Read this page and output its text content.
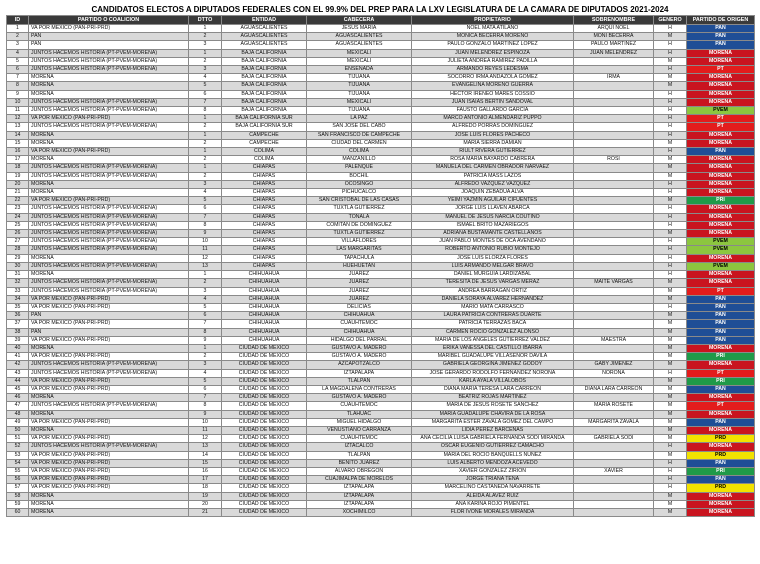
CANDIDATOS ELECTOS A DIPUTADOS FEDERALES CON EL 99.9% DEL PREP PARA LA LXV LEGISLATURA DE LA CAMARA DE DIPUTADOS 2021-2024
ID	PARTIDO O COALICION	DTTO	ENTIDAD	CABECERA	PROPIETARIO	SOBRENOMBRE	GENERO	PARTIDO DE ORIGEN
1	VA POR MEXICO (PAN-PRI-PRD)	1	AGUASCALIENTES	JESUS MARIA	NOEL MATA ATILANO	ARQUI NOEL	H	PAN
2	PAN	2	AGUASCALIENTES	AGUASCALIENTES	MONICA BECERRA MORENO	MONI BECERRA	M	PAN
3	PAN	3	AGUASCALIENTES	AGUASCALIENTES	PAULO GONZALO MARTINEZ LOPEZ	PAULO MARTINEZ	H	PAN
4	JUNTOS HACEMOS HISTORIA (PT-PVEM-MORENA)	1	BAJA CALIFORNIA	MEXICALI	JUAN MELENDREZ ESPINOZA	JUAN MELENDREZ	H	MORENA
5	JUNTOS HACEMOS HISTORIA (PT-PVEM-MORENA)	2	BAJA CALIFORNIA	MEXICALI	JULIETA ANDREA RAMIREZ PADILLA		M	MORENA
6	JUNTOS HACEMOS HISTORIA (PT-PVEM-MORENA)	3	BAJA CALIFORNIA	ENSENADA	ARMANDO REYES LEDESMA		H	PT
7	MORENA	4	BAJA CALIFORNIA	TIJUANA	SOCORRO IRMA ANDAZOLA GOMEZ	IRMA	M	MORENA
8	MORENA	5	BAJA CALIFORNIA	TIJUANA	EVANGELINA MORENO GUERRA		M	MORENA
9	MORENA	6	BAJA CALIFORNIA	TIJUANA	HECTOR IRENEO MARES COSSIO		H	MORENA
10	JUNTOS HACEMOS HISTORIA (PT-PVEM-MORENA)	7	BAJA CALIFORNIA	MEXICALI	JUAN ISAIAS BERTIN SANDOVAL		H	MORENA
11	JUNTOS HACEMOS HISTORIA (PT-PVEM-MORENA)	8	BAJA CALIFORNIA	TIJUANA	FAUSTO GALLARDO GARCIA		H	PVEM
12	VA POR MEXICO (PAN-PRI-PRD)	1	BAJA CALIFORNIA SUR	LA PAZ	MARCO ANTONIO ALMENDARIZ PUPPO		H	PT
13	JUNTOS HACEMOS HISTORIA (PT-PVEM-MORENA)	2	BAJA CALIFORNIA SUR	SAN JOSE DEL CABO	ALFREDO PORRAS DOMINGUEZ		H	PT
14	MORENA	1	CAMPECHE	SAN FRANCISCO DE CAMPECHE	JOSE LUIS FLORES PACHECO		H	MORENA
15	MORENA	2	CAMPECHE	CIUDAD DEL CARMEN	MARIA SIERRA DAMIAN		M	MORENA
16	VA POR MEXICO (PAN-PRI-PRD)	1	COLIMA	COLIMA	RIULT RIVERA GUTIERREZ		H	PAN
17	MORENA	2	COLIMA	MANZANILLO	ROSA MARIA BAYARDO CABRERA	ROSI	M	MORENA
18	JUNTOS HACEMOS HISTORIA (PT-PVEM-MORENA)	1	CHIAPAS	PALENQUE	MANUELA DEL CARMEN OBRADOR NARVAEZ		M	MORENA
19	JUNTOS HACEMOS HISTORIA (PT-PVEM-MORENA)	2	CHIAPAS	BOCHIL	PATRICIA MASS LAZOS		M	MORENA
20	MORENA	3	CHIAPAS	OCOSINGO	ALFREDO VAZQUEZ VAZQUEZ		H	MORENA
21	MORENA	4	CHIAPAS	PICHUCALCO	JOAQUIN ZEBADUA ALVA		H	MORENA
22	VA POR MEXICO (PAN-PRI-PRD)	5	CHIAPAS	SAN CRISTOBAL DE LAS CASAS	YEIMI YAZMIN AGUILAR CIFUENTES		M	PRI
23	JUNTOS HACEMOS HISTORIA (PT-PVEM-MORENA)	6	CHIAPAS	TUXTLA GUTIERREZ	JORGE LUIS LLAVEN ABARCA		H	MORENA
24	JUNTOS HACEMOS HISTORIA (PT-PVEM-MORENA)	7	CHIAPAS	TONALA	MANUEL DE JESUS NARCIA COUTIÑO		H	MORENA
25	JUNTOS HACEMOS HISTORIA (PT-PVEM-MORENA)	8	CHIAPAS	COMITAN DE DOMINGUEZ	ISMAEL BRITO MAZARIEGOS		H	MORENA
26	JUNTOS HACEMOS HISTORIA (PT-PVEM-MORENA)	9	CHIAPAS	TUXTLA GUTIERREZ	ADRIANA BUSTAMANTE CASTELLANOS		M	MORENA
27	JUNTOS HACEMOS HISTORIA (PT-PVEM-MORENA)	10	CHIAPAS	VILLAFLORES	JUAN PABLO MONTES DE OCA AVENDAÑO		H	PVEM
28	JUNTOS HACEMOS HISTORIA (PT-PVEM-MORENA)	11	CHIAPAS	LAS MARGARITAS	ROBERTO ANTONIO RUBIO MONTEJO		H	PVEM
29	MORENA	12	CHIAPAS	TAPACHULA	JOSE LUIS ELORZA FLORES		H	MORENA
30	JUNTOS HACEMOS HISTORIA (PT-PVEM-MORENA)	13	CHIAPAS	HUEHUETAN	LUIS ARMANDO MELGAR BRAVO		H	PVEM
31	MORENA	1	CHIHUAHUA	JUAREZ	DANIEL MURGUIA LARDIZABAL		H	MORENA
32	JUNTOS HACEMOS HISTORIA (PT-PVEM-MORENA)	2	CHIHUAHUA	JUAREZ	TERESITA DE JESUS VARGAS MERAZ	MAITE VARGAS	M	MORENA
33	JUNTOS HACEMOS HISTORIA (PT-PVEM-MORENA)	3	CHIHUAHUA	JUAREZ	ANDREA BARRAGAN ORTIZ		M	PT
34	VA POR MEXICO (PAN-PRI-PRD)	4	CHIHUAHUA	JUAREZ	DANIELA SORAYA ALVAREZ HERNANDEZ		M	PAN
35	VA POR MEXICO (PAN-PRI-PRD)	5	CHIHUAHUA	DELICIAS	MARIO MATA CARRASCO		H	PAN
36	PAN	6	CHIHUAHUA	CHIHUAHUA	LAURA PATRICIA CONTRERAS DUARTE		M	PAN
37	VA POR MEXICO (PAN-PRI-PRD)	7	CHIHUAHUA	CUAUHTEMOC	PATRICIA TERRAZAS BACA		M	PAN
38	PAN	8	CHIHUAHUA	CHIHUAHUA	CARMEN ROCIO GONZALEZ ALONSO		M	PAN
39	VA POR MEXICO (PAN-PRI-PRD)	9	CHIHUAHUA	HIDALGO DEL PARRAL	MARIA DE LOS ANGELES GUTIERREZ VALDEZ	MAESTRA	M	PAN
40	MORENA	1	CIUDAD DE MÉXICO	GUSTAVO A. MADERO	ERIKA VANESSA DEL CASTILLO IBARRA		M	MORENA
41	VA POR MEXICO (PAN-PRI-PRD)	2	CIUDAD DE MÉXICO	GUSTAVO A. MADERO	MARIBEL GUADALUPE VILLASEÑOR DAVILA		M	PRI
42	JUNTOS HACEMOS HISTORIA (PT-PVEM-MORENA)	3	CIUDAD DE MÉXICO	AZCAPOTZALCO	GABRIELA GEORGINA JIMENEZ GODOY	GABY JIMENEZ	M	MORENA
43	JUNTOS HACEMOS HISTORIA (PT-PVEM-MORENA)	4	CIUDAD DE MÉXICO	IZTAPALAPA	JOSE GERARDO RODOLFO FERNANDEZ NOROÑA	NOROÑA	H	PT
44	VA POR MEXICO (PAN-PRI-PRD)	5	CIUDAD DE MÉXICO	TLALPAN	KARLA AYALA VILLALOBOS		M	PRI
45	VA POR MEXICO (PAN-PRI-PRD)	6	CIUDAD DE MÉXICO	LA MAGDALENA CONTRERAS	DIANA MARIA TERESA LARA CARREON	DIANA LARA CARREON	M	PAN
46	MORENA	7	CIUDAD DE MÉXICO	GUSTAVO A. MADERO	BEATRIZ ROJAS MARTINEZ		M	MORENA
47	JUNTOS HACEMOS HISTORIA (PT-PVEM-MORENA)	8	CIUDAD DE MÉXICO	CUAUHTEMOC	MARIA DE JESUS ROSETE SANCHEZ	MARIA ROSETE	M	PT
48	MORENA	9	CIUDAD DE MÉXICO	TLÁHUAC	MARIA GUADALUPE CHAVIRA DE LA ROSA		M	MORENA
49	VA POR MEXICO (PAN-PRI-PRD)	10	CIUDAD DE MÉXICO	MIGUEL HIDALGO	MARGARITA ESTER ZAVALA GOMEZ DEL CAMPO	MARGARITA ZAVALA	M	PAN
50	MORENA	11	CIUDAD DE MÉXICO	VENUSTIANO CARRANZA	LIDIA PEREZ BARCENAS		M	MORENA
51	VA POR MEXICO (PAN-PRI-PRD)	12	CIUDAD DE MÉXICO	CUAUHTEMOC	ANA CECILIA LUISA GABRIELA FERNANDA SODI MIRANDA	GABRIELA SODI	M	PRD
52	JUNTOS HACEMOS HISTORIA (PT-PVEM-MORENA)	13	CIUDAD DE MÉXICO	IZTACALCO	OSCAR EUGENIO GUTIERREZ CAMACHO		H	MORENA
53	VA POR MEXICO (PAN-PRI-PRD)	14	CIUDAD DE MÉXICO	TLALPAN	MARIA DEL ROCIO BANQUELLS NUÑEZ		M	PRD
54	VA POR MEXICO (PAN-PRI-PRD)	15	CIUDAD DE MÉXICO	BENITO JUÁREZ	LUIS ALBERTO MENDOZA ACEVEDO		H	PAN
55	VA POR MEXICO (PAN-PRI-PRD)	16	CIUDAD DE MÉXICO	ALVARO OBREGON	XAVIER GONZALEZ ZIRION	XAVIER	H	PRI
56	VA POR MEXICO (PAN-PRI-PRD)	17	CIUDAD DE MÉXICO	CUAJIMALPA DE MORELOS	JORGE TRIANA TENA		H	PAN
57	VA POR MEXICO (PAN-PRI-PRD)	18	CIUDAD DE MÉXICO	IZTAPALAPA	MARCELINO CASTAÑEDA NAVARRETE		H	PRD
58	MORENA	19	CIUDAD DE MÉXICO	IZTAPALAPA	ALEIDA ALAVEZ RUIZ		M	MORENA
59	MORENA	20	CIUDAD DE MÉXICO	IZTAPALAPA	ANA KARINA ROJO PIMENTEL		M	MORENA
60	MORENA	21	CIUDAD DE MÉXICO	XOCHIMILCO	FLOR IVONE MORALES MIRANDA		M	MORENA
